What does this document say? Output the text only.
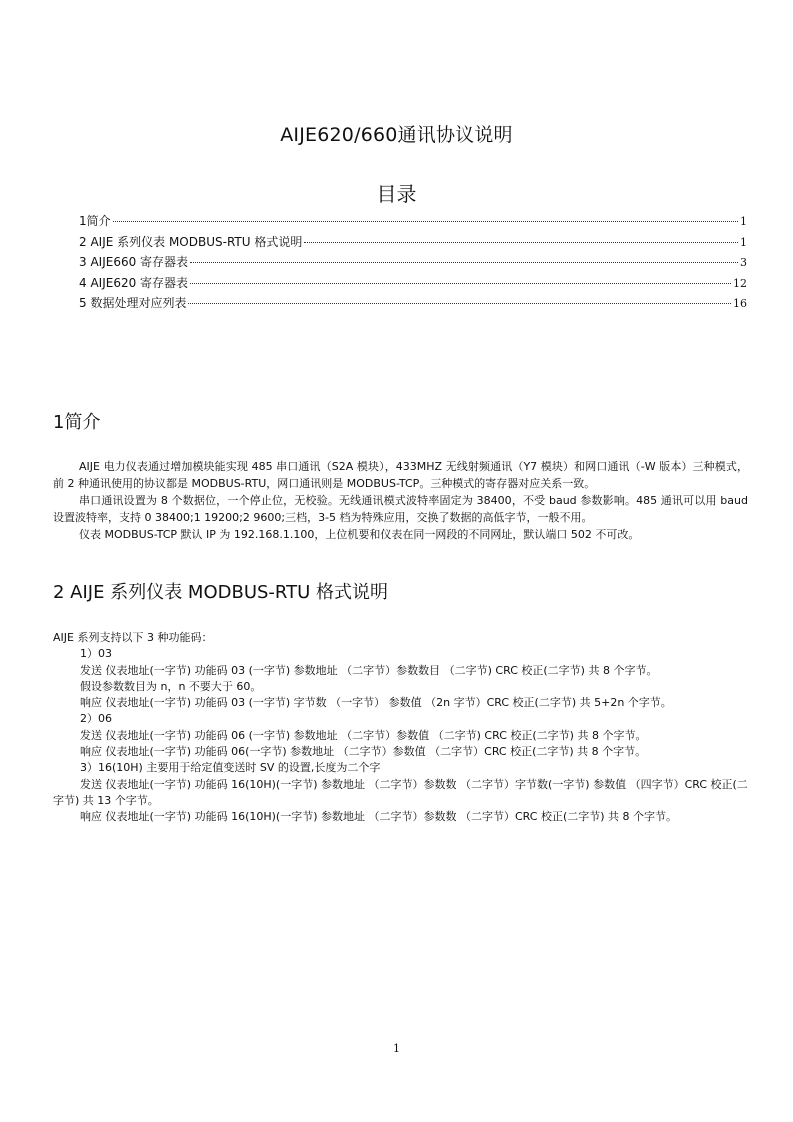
AIJE620/660通讯协议说明
目录
1简介	1
2 AIJE 系列仪表 MODBUS-RTU 格式说明	1
3 AIJE660 寄存器表	3
4 AIJE620 寄存器表	12
5 数据处理对应列表	16
1简介

AIJE 电力仪表通过增加模块能实现 485 串口通讯（S2A 模块），433MHZ 无线射频通讯（Y7 模块）和网口通讯（-W 版本）三种模式，前 2 种通讯使用的协议都是 MODBUS-RTU，网口通讯则是 MODBUS-TCP。三种模式的寄存器对应关系一致。

串口通讯设置为 8 个数据位，一个停止位，无校验。无线通讯模式波特率固定为 38400，不受 baud 参数影响。485 通讯可以用 baud 设置波特率，支持 0 38400;1 19200;2 9600;三档，3-5 档为特殊应用，交换了数据的高低字节，一般不用。

仪表 MODBUS-TCP 默认 IP 为 192.168.1.100，上位机要和仪表在同一网段的不同网址，默认端口 502 不可改。

2 AIJE 系列仪表 MODBUS-RTU 格式说明
AIJE 系列支持以下 3 种功能码：
1）03
发送 仪表地址(一字节) 功能码 03 (一字节) 参数地址 （二字节）参数数目 （二字节) CRC 校正(二字节) 共 8 个字节。
假设参数数目为 n，n 不要大于 60。
响应 仪表地址(一字节) 功能码 03 (一字节) 字节数 （一字节） 参数值 （2n 字节）CRC 校正(二字节) 共 5+2n 个字节。
2）06
发送 仪表地址(一字节) 功能码 06 (一字节) 参数地址 （二字节）参数值 （二字节) CRC 校正(二字节) 共 8 个字节。
响应 仪表地址(一字节) 功能码 06(一字节) 参数地址 （二字节）参数值 （二字节）CRC 校正(二字节) 共 8 个字节。
3）16(10H) 主要用于给定值变送时 SV 的设置,长度为二个字
发送 仪表地址(一字节) 功能码 16(10H)(一字节) 参数地址 （二字节）参数数 （二字节）字节数(一字节) 参数值 （四字节）CRC 校正(二字节) 共 13 个字节。
响应 仪表地址(一字节) 功能码 16(10H)(一字节) 参数地址 （二字节）参数数 （二字节）CRC 校正(二字节) 共 8 个字节。
1
